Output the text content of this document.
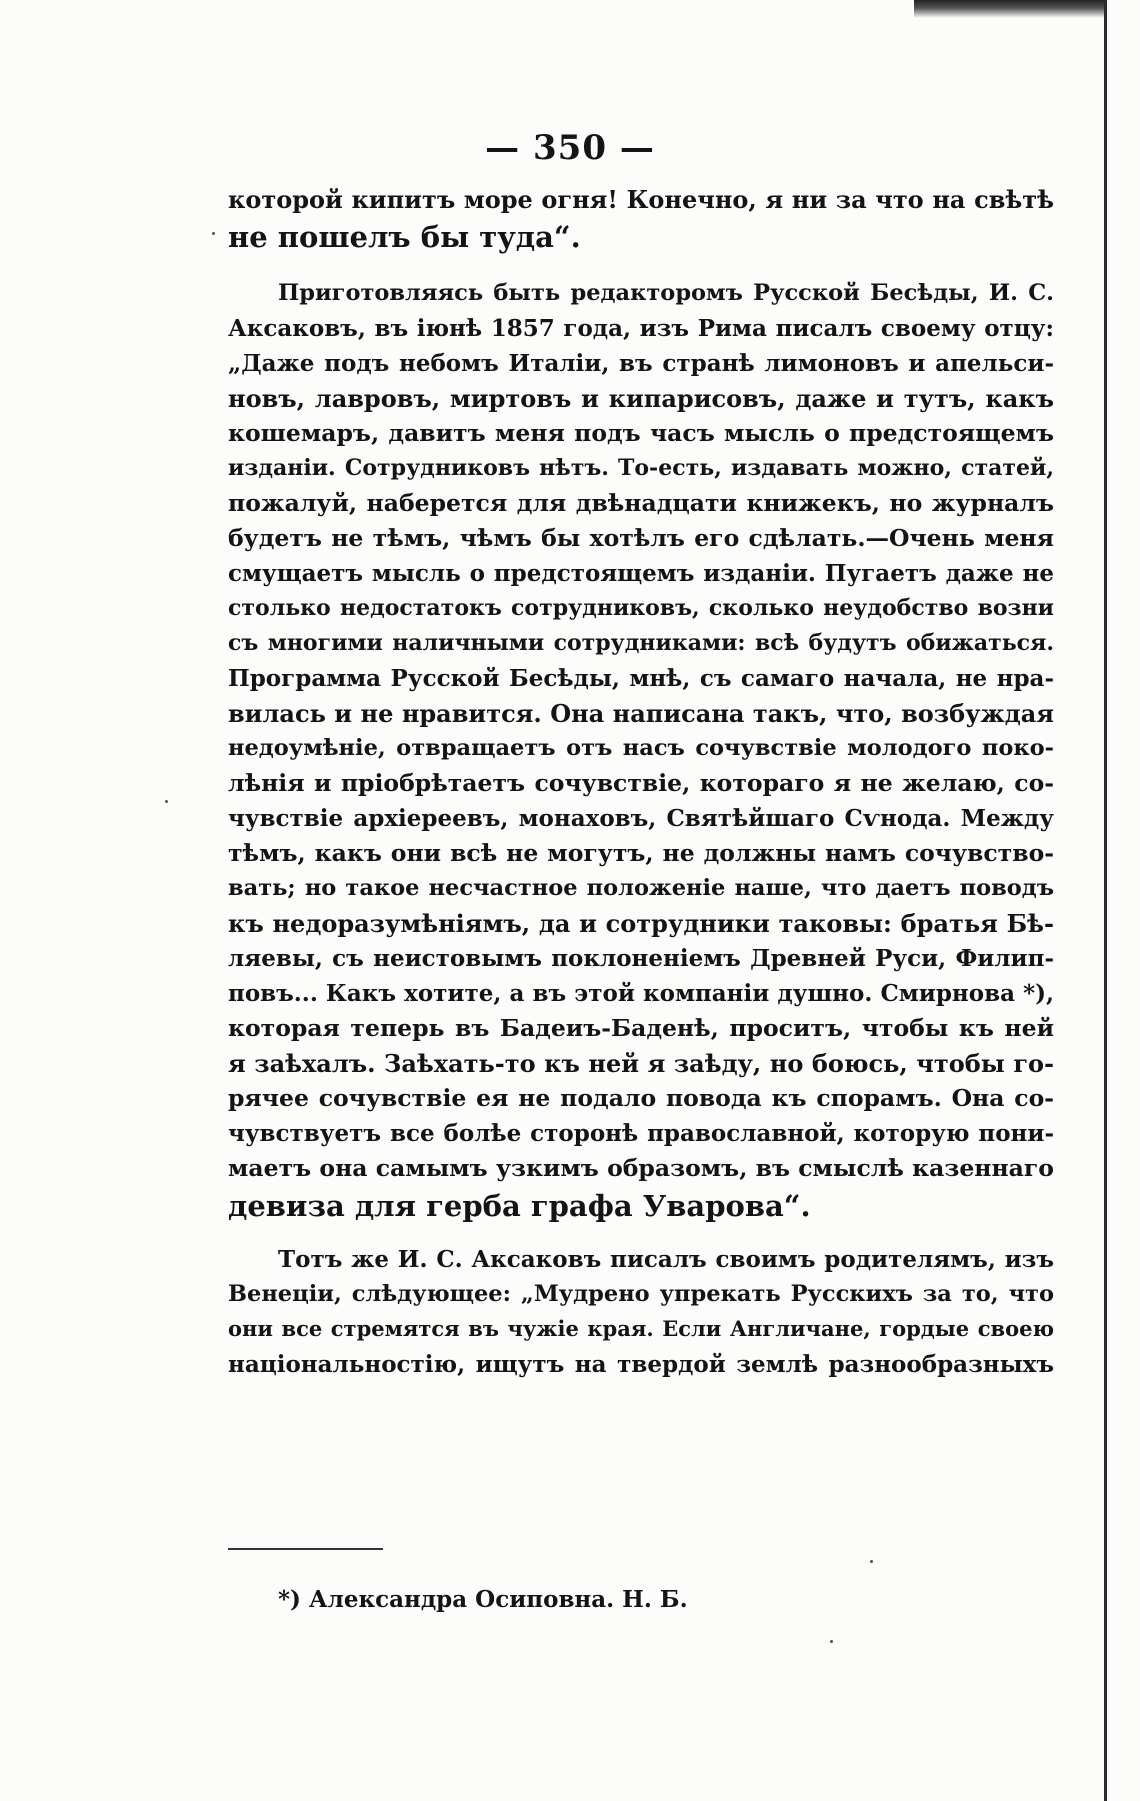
— 350 —
которой кипитъ море огня! Конечно, я ни за что на свѣтѣ
не пошелъ бы туда“.
Приготовляясь быть редакторомъ Русской Бесѣды, И. С.
Аксаковъ, въ іюнѣ 1857 года, изъ Рима писалъ своему отцу:
„Даже подъ небомъ Италіи, въ странѣ лимоновъ и апельси-
новъ, лавровъ, миртовъ и кипарисовъ, даже и тутъ, какъ
кошемаръ, давитъ меня подъ часъ мысль о предстоящемъ
изданіи. Сотрудниковъ нѣтъ. То-есть, издавать можно, статей,
пожалуй, наберется для двѣнадцати книжекъ, но журналъ
будетъ не тѣмъ, чѣмъ бы хотѣлъ его сдѣлать.—Очень меня
смущаетъ мысль о предстоящемъ изданіи. Пугаетъ даже не
столько недостатокъ сотрудниковъ, сколько неудобство возни
съ многими наличными сотрудниками: всѣ будутъ обижаться.
Программа Русской Бесѣды, мнѣ, съ самаго начала, не нра-
вилась и не нравится. Она написана такъ, что, возбуждая
недоумѣніе, отвращаетъ отъ насъ сочувствіе молодого поко-
лѣнія и пріобрѣтаетъ сочувствіе, котораго я не желаю, со-
чувствіе архіереевъ, монаховъ, Святѣйшаго Сѵнода. Между
тѣмъ, какъ они всѣ не могутъ, не должны намъ сочувство-
вать; но такое несчастное положеніе наше, что даетъ поводъ
къ недоразумѣніямъ, да и сотрудники таковы: братья Бѣ-
ляевы, съ неистовымъ поклоненіемъ Древней Руси, Филип-
повъ... Какъ хотите, а въ этой компаніи душно. Смирнова *),
которая теперь въ Бадеиъ-Баденѣ, проситъ, чтобы къ ней
я заѣхалъ. Заѣхать-то къ ней я заѣду, но боюсь, чтобы го-
рячее сочувствіе ея не подало повода къ спорамъ. Она со-
чувствуетъ все болѣе сторонѣ православной, которую пони-
маетъ она самымъ узкимъ образомъ, въ смыслѣ казеннаго
девиза для герба графа Уварова“.
Тотъ же И. С. Аксаковъ писалъ своимъ родителямъ, изъ
Венеціи, слѣдующее: „Мудрено упрекать Русскихъ за то, что
они все стремятся въ чужіе края. Если Англичане, гордые своею
національностію, ищутъ на твердой землѣ разнообразныхъ
*) Александра Осиповна. Н. Б.
